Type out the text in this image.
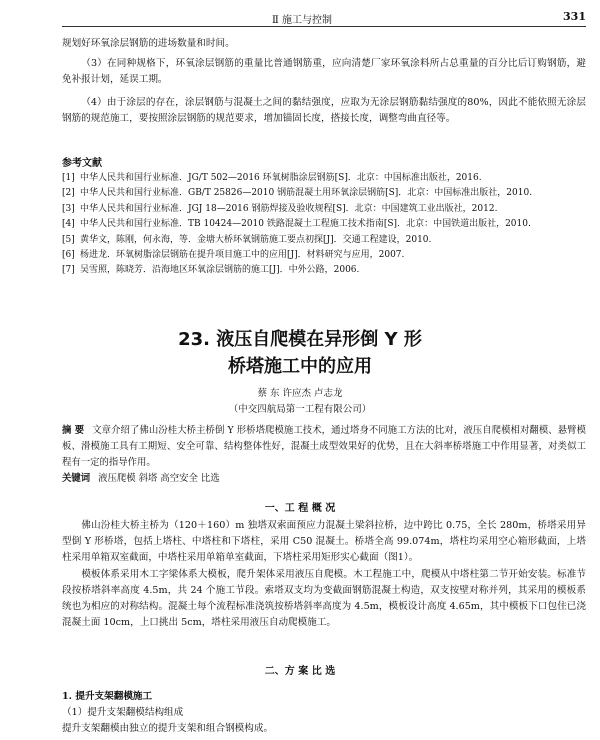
Ⅱ 施工与控制	331
规划好环氧涂层钢筋的进场数量和时间。
（3）在同种规格下，环氧涂层钢筋的重量比普通钢筋重，应向清楚厂家环氧涂料所占总重量的百分比后订购钢筋，避免补报计划，延误工期。
（4）由于涂层的存在，涂层钢筋与混凝土之间的黏结强度，应取为无涂层钢筋黏结强度的80%，因此不能依照无涂层钢筋的规范施工，要按照涂层钢筋的规范要求，增加锚固长度，搭接长度，调整弯曲直径等。
参考文献
[1] 中华人民共和国行业标准．JG/T 502—2016 环氧树脂涂层钢筋[S]．北京：中国标准出版社，2016.
[2] 中华人民共和国行业标准．GB/T 25826—2010 钢筋混凝土用环氧涂层钢筋[S]．北京：中国标准出版社，2010.
[3] 中华人民共和国行业标准．JGJ 18—2016 钢筋焊接及验收规程[S]．北京：中国建筑工业出版社，2012.
[4] 中华人民共和国行业标准．TB 10424—2010 铁路混凝土工程施工技术指南[S]．北京：中国铁道出版社，2010.
[5] 黄华文，陈刚，何永海，等．金塘大桥环氧钢筋施工要点初探[J]．交通工程建设，2010.
[6] 杨进龙．环氧树脂涂层钢筋在提升项目施工中的应用[J]．材料研究与应用，2007.
[7] 吴雪照，陈晓芳．沿海地区环氧涂层钢筋的施工[J]．中外公路，2006.
23. 液压自爬模在异形倒 Y 形
桥塔施工中的应用
蔡 东 许应杰 卢志龙
（中交四航局第一工程有限公司）
摘 要 文章介绍了佛山汾桂大桥主桥倒 Y 形桥塔爬模施工技术，通过塔身不同施工方法的比对，液压自爬模相对翻模、悬臂模板、滑模施工具有工期短、安全可靠、结构整体性好，混凝土成型效果好的优势，且在大斜率桥塔施工中作用显著，对类似工程有一定的指导作用。
关键词 液压爬模 斜塔 高空安全 比选
一、工 程 概 况
佛山汾桂大桥主桥为（120＋160）m 独塔双索面预应力混凝土梁斜拉桥，边中跨比 0.75，全长 280m，桥塔采用异型倒 Y 形桥塔，包括上塔柱、中塔柱和下塔柱，采用 C50 混凝土。桥塔全高 99.074m，塔柱均采用空心箱形截面，上塔柱采用单箱双室截面，中塔柱采用单箱单室截面，下塔柱采用矩形实心截面（图1）。
模板体系采用木工字梁体系大模板，爬升架体采用液压自爬模。木工程施工中，爬模从中塔柱第二节开始安装。标准节段按桥塔斜率高度 4.5m，共 24 个施工节段。索塔双支均为变截面钢筋混凝土构造，双支按壁对称并列，其采用的模板系统也为相应的对称结构。混凝土每个流程标准浇筑按桥塔斜率高度为 4.5m，模板设计高度 4.65m，其中模板下口包住已浇混凝土面 10cm，上口挑出 5cm，塔柱采用液压自动爬模施工。
二、方 案 比 选
1. 提升支架翻模施工
（1）提升支架翻模结构组成
提升支架翻模由独立的提升支架和组合钢模构成。
